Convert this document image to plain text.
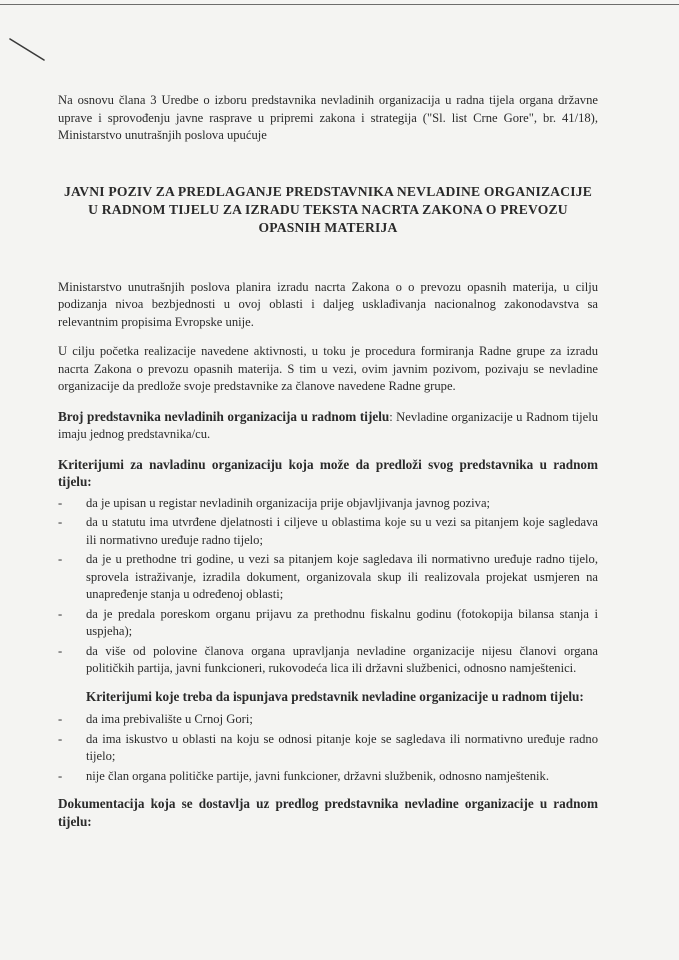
Na osnovu člana 3 Uredbe o izboru predstavnika nevladinih organizacija u radna tijela organa državne uprave i sprovođenju javne rasprave u pripremi zakona i strategija ("Sl. list Crne Gore", br. 41/18), Ministarstvo unutrašnjih poslova upućuje

JAVNI POZIV ZA PREDLAGANJE PREDSTAVNIKA NEVLADINE ORGANIZACIJE U RADNOM TIJELU ZA IZRADU TEKSTA NACRTA ZAKONA O PREVOZU OPASNIH MATERIJA

Ministarstvo unutrašnjih poslova planira izradu nacrta Zakona o o prevozu opasnih materija, u cilju podizanja nivoa bezbjednosti u ovoj oblasti i daljeg usklađivanja nacionalnog zakonodavstva sa relevantnim propisima Evropske unije.

U cilju početka realizacije navedene aktivnosti, u toku je procedura formiranja Radne grupe za izradu nacrta Zakona o prevozu opasnih materija. S tim u vezi, ovim javnim pozivom, pozivaju se nevladine organizacije da predlože svoje predstavnike za članove navedene Radne grupe.

Broj predstavnika nevladinih organizacija u radnom tijelu: Nevladine organizacije u Radnom tijelu imaju jednog predstavnika/cu.

Kriterijumi za navladinu organizaciju koja može da predloži svog predstavnika u radnom tijelu:

-	da je upisan u registar nevladinih organizacija prije objavljivanja javnog poziva;
-	da u statutu ima utvrđene djelatnosti i ciljeve u oblastima koje su u vezi sa pitanjem koje sagledava ili normativno uređuje radno tijelo;
-	da je u prethodne tri godine, u vezi sa pitanjem koje sagledava ili normativno uređuje radno tijelo, sprovela istraživanje, izradila dokument, organizovala skup ili realizovala projekat usmjeren na unapređenje stanja u određenoj oblasti;
-	da je predala poreskom organu prijavu za prethodnu fiskalnu godinu (fotokopija bilansa stanja i uspjeha);
-	da više od polovine članova organa upravljanja nevladine organizacije nijesu članovi organa političkih partija, javni funkcioneri, rukovodeća lica ili državni službenici, odnosno namještenici.

Kriterijumi koje treba da ispunjava predstavnik nevladine organizacije u radnom tijelu:

-	da ima prebivalište u Crnoj Gori;
-	da ima iskustvo u oblasti na koju se odnosi pitanje koje se sagledava ili normativno uređuje radno tijelo;
-	nije član organa političke partije, javni funkcioner, državni službenik, odnosno namještenik.

Dokumentacija koja se dostavlja uz predlog predstavnika nevladine organizacije u radnom tijelu:
